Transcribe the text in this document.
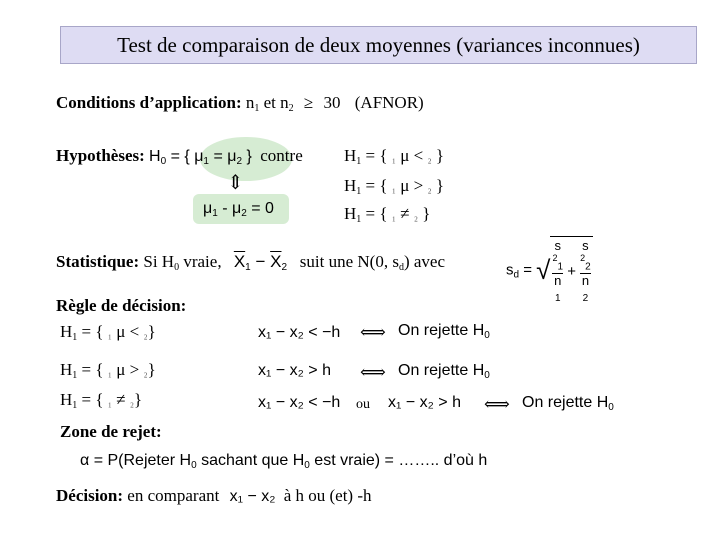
Test de comparaison de deux moyennes (variances inconnues)
Conditions d’application: $n_1$ et $n_2 \ge 30$ (AFNOR)
Hypothèses: $H_0$ = { $\mu_1 = \mu_2$ } contre
⇕
$\mu_1 - \mu_2 = 0$
$H_1$ = { ₁ μ < ₂ }
$H_1$ = { ₁ μ > ₂ }
$H_1$ = { ₁ ≠ ₂ }
Statistique: Si $H_0$ vraie, $\overline{X}_1 - \overline{X}_2$ suit une N(0, $s_d$) avec	$s_d$ = √ s
$^2_1$
n
$_1$ + s
$^2_2$
n
$_2$
Règle de décision:
$H_1$ = { ₁ μ < ₂}	x₁ − x₂ < −h ⟺ On rejette $H_0$
$H_1$ = { ₁ μ > ₂}	x₁ − x₂ > h ⟺ On rejette $H_0$
$H_1$ = { ₁ ≠ ₂}	x₁ − x₂ < −h ou x₁ − x₂ > h ⟺ On rejette $H_0$
Zone de rejet:
α = P(Rejeter $H_0$ sachant que $H_0$ est vraie) = …….. d’où h
Décision: en comparant x₁ − x₂ à h ou (et) -h
